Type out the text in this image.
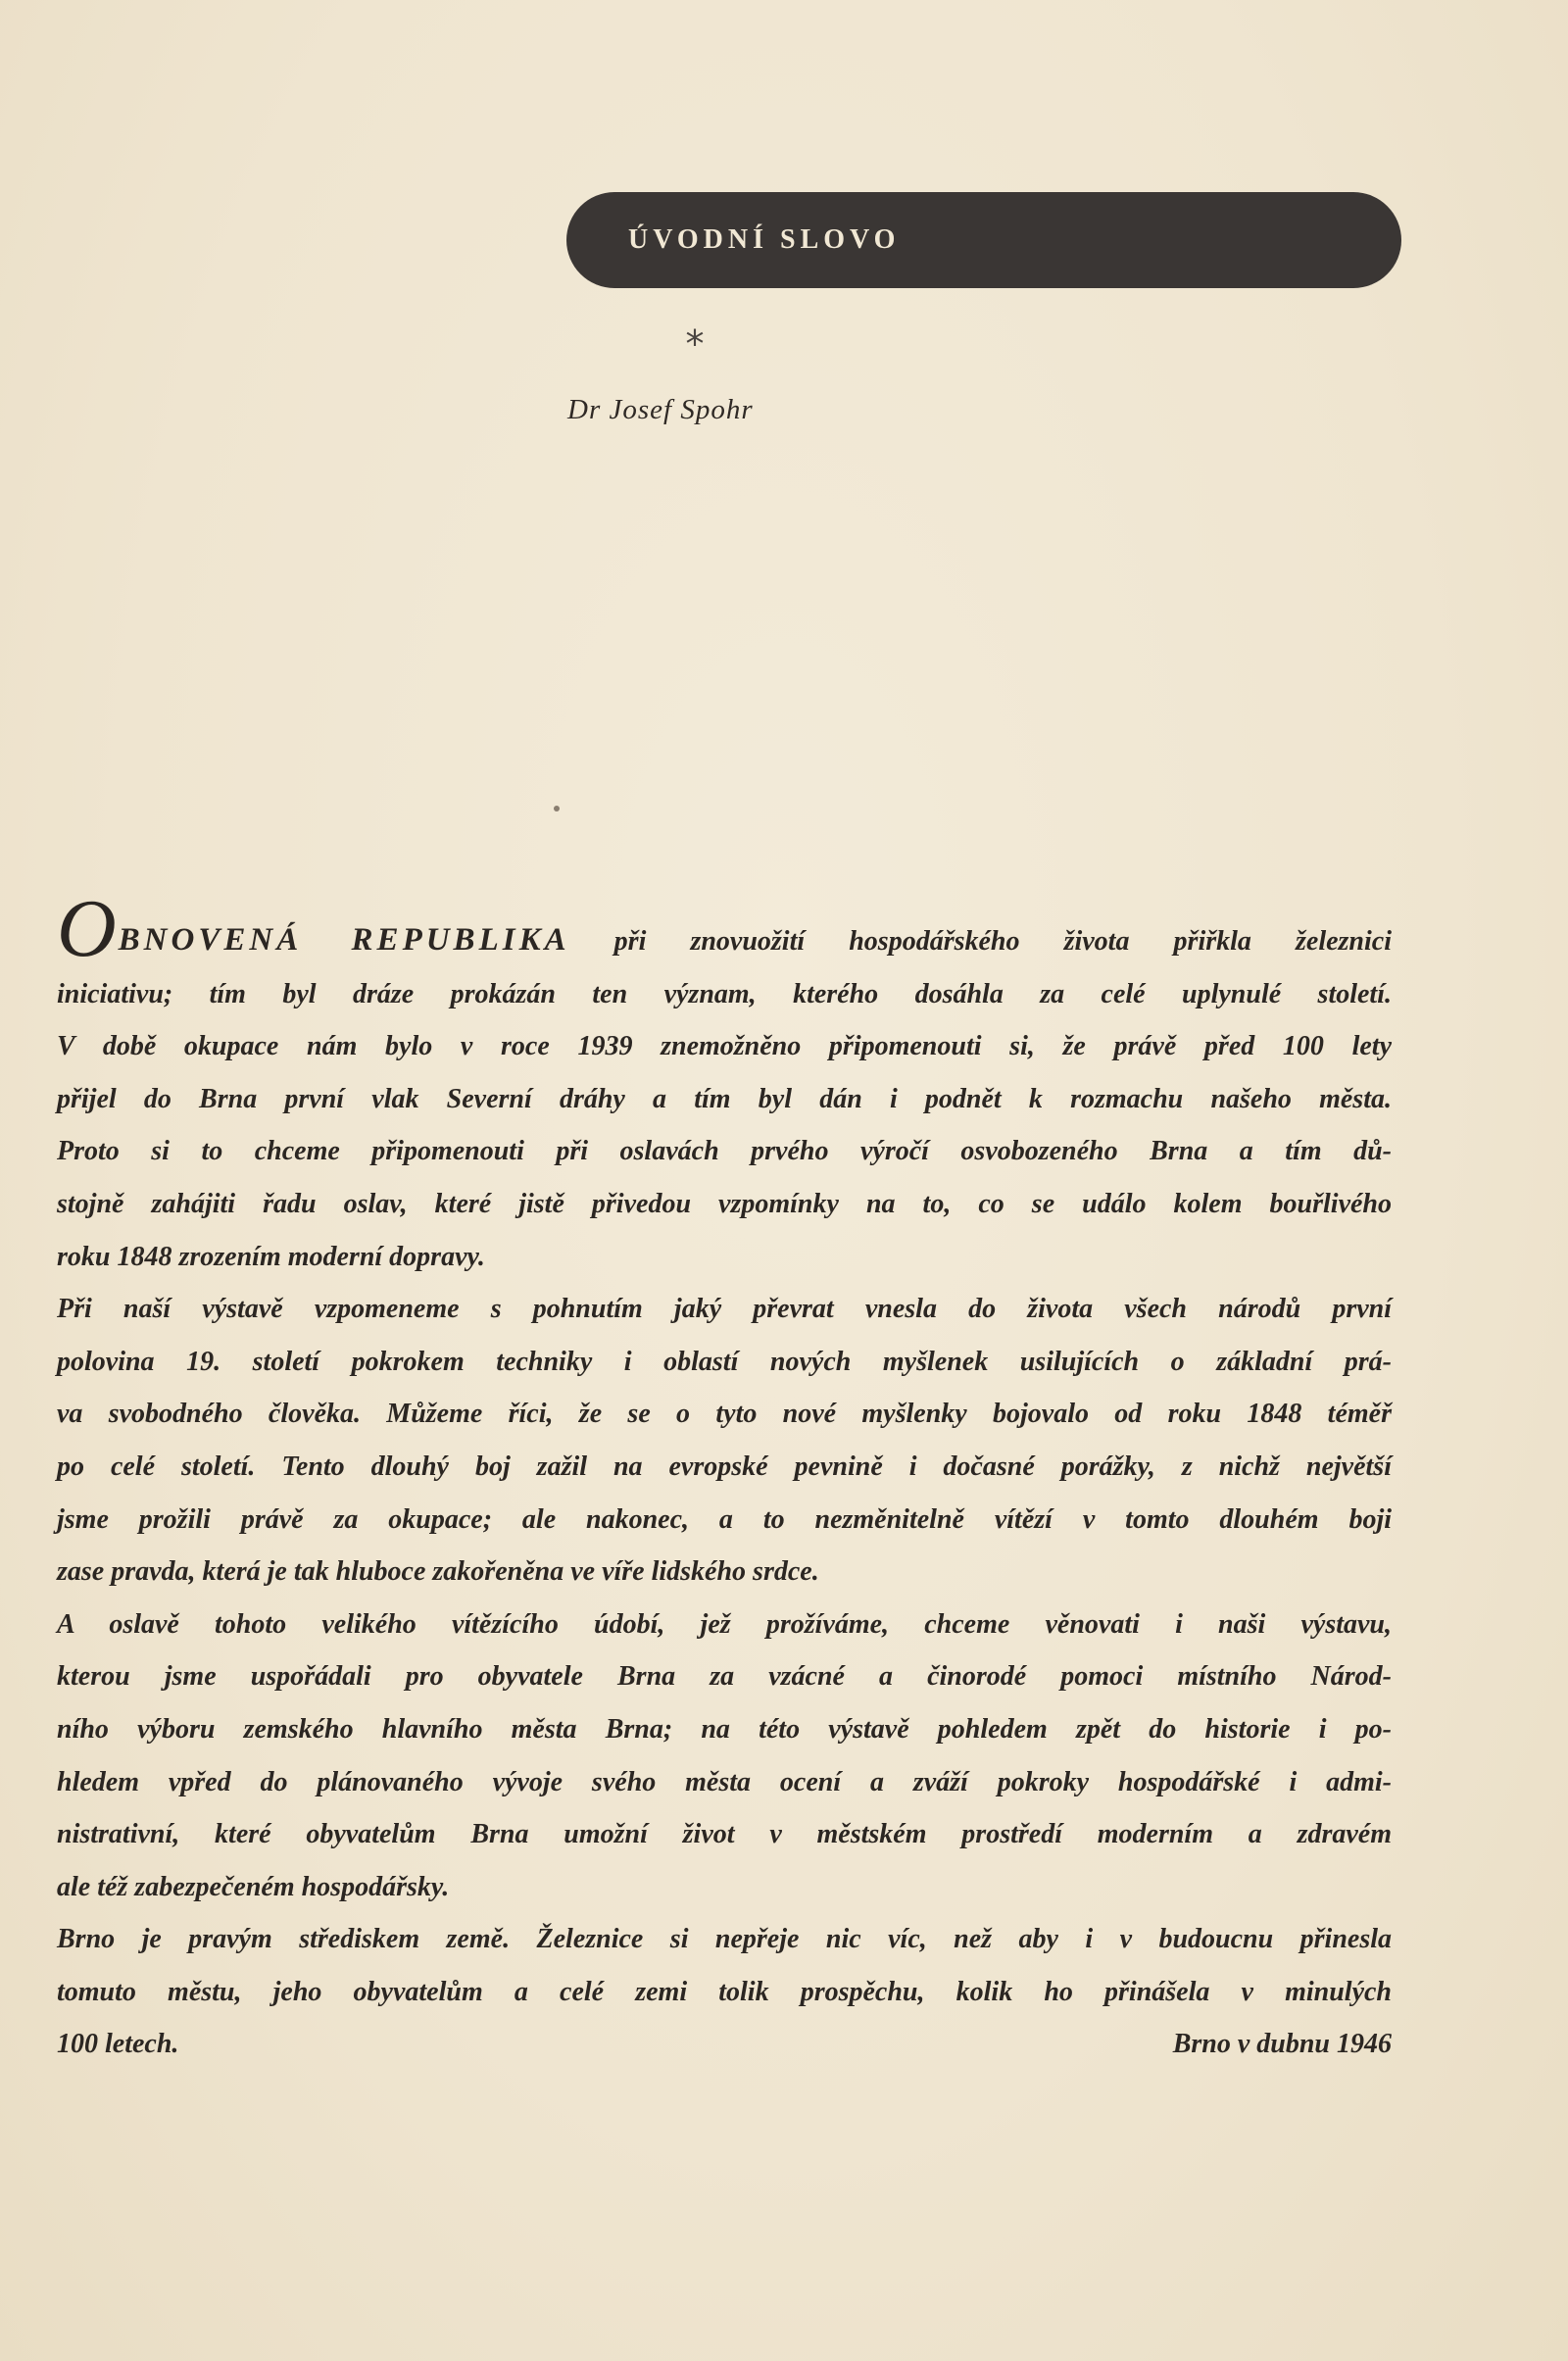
ÚVODNÍ SLOVO
*
Dr Josef Spohr
OBNOVENÁ REPUBLIKA při znovuožití hospodářského života přiřkla železnici
iniciativu; tím byl dráze prokázán ten význam, kterého dosáhla za celé uplynulé století.
V době okupace nám bylo v roce 1939 znemožněno připomenouti si, že právě před 100 lety
přijel do Brna první vlak Severní dráhy a tím byl dán i podnět k rozmachu našeho města.
Proto si to chceme připomenouti při oslavách prvého výročí osvobozeného Brna a tím dů-
stojně zahájiti řadu oslav, které jistě přivedou vzpomínky na to, co se událo kolem bouřlivého
roku 1848 zrozením moderní dopravy.
Při naší výstavě vzpomeneme s pohnutím jaký převrat vnesla do života všech národů první
polovina 19. století pokrokem techniky i oblastí nových myšlenek usilujících o základní prá-
va svobodného člověka. Můžeme říci, že se o tyto nové myšlenky bojovalo od roku 1848 téměř
po celé století. Tento dlouhý boj zažil na evropské pevnině i dočasné porážky, z nichž největší
jsme prožili právě za okupace; ale nakonec, a to nezměnitelně vítězí v tomto dlouhém boji
zase pravda, která je tak hluboce zakořeněna ve víře lidského srdce.
A oslavě tohoto velikého vítězícího údobí, jež prožíváme, chceme věnovati i naši výstavu,
kterou jsme uspořádali pro obyvatele Brna za vzácné a činorodé pomoci místního Národ-
ního výboru zemského hlavního města Brna; na této výstavě pohledem zpět do historie i po-
hledem vpřed do plánovaného vývoje svého města ocení a zváží pokroky hospodářské i admi-
nistrativní, které obyvatelům Brna umožní život v městském prostředí moderním a zdravém
ale též zabezpečeném hospodářsky.
Brno je pravým střediskem země. Železnice si nepřeje nic víc, než aby i v budoucnu přinesla
tomuto městu, jeho obyvatelům a celé zemi tolik prospěchu, kolik ho přinášela v minulých
100 letech.	Brno v dubnu 1946
